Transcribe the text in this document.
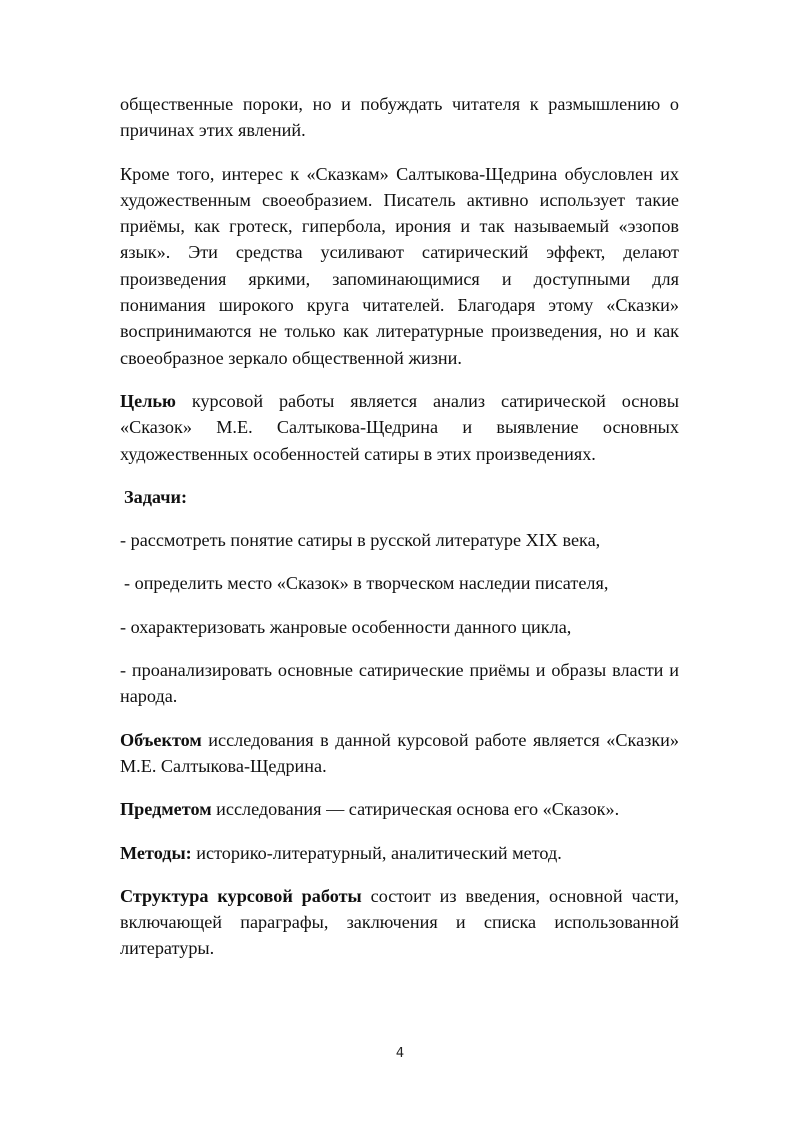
общественные пороки, но и побуждать читателя к размышлению о причинах этих явлений.

Кроме того, интерес к «Сказкам» Салтыкова-Щедрина обусловлен их художественным своеобразием. Писатель активно использует такие приёмы, как гротеск, гипербола, ирония и так называемый «эзопов язык». Эти средства усиливают сатирический эффект, делают произведения яркими, запоминающимися и доступными для понимания широкого круга читателей. Благодаря этому «Сказки» воспринимаются не только как литературные произведения, но и как своеобразное зеркало общественной жизни.

Целью курсовой работы является анализ сатирической основы «Сказок» М.Е. Салтыкова-Щедрина и выявление основных художественных особенностей сатиры в этих произведениях.

Задачи:

- рассмотреть понятие сатиры в русской литературе XIX века,

- определить место «Сказок» в творческом наследии писателя,

- охарактеризовать жанровые особенности данного цикла,

- проанализировать основные сатирические приёмы и образы власти и народа.

Объектом исследования в данной курсовой работе является «Сказки» М.Е. Салтыкова-Щедрина.

Предметом исследования — сатирическая основа его «Сказок».

Методы: историко-литературный, аналитический метод.

Структура курсовой работы состоит из введения, основной части, включающей параграфы, заключения и списка использованной литературы.

4
